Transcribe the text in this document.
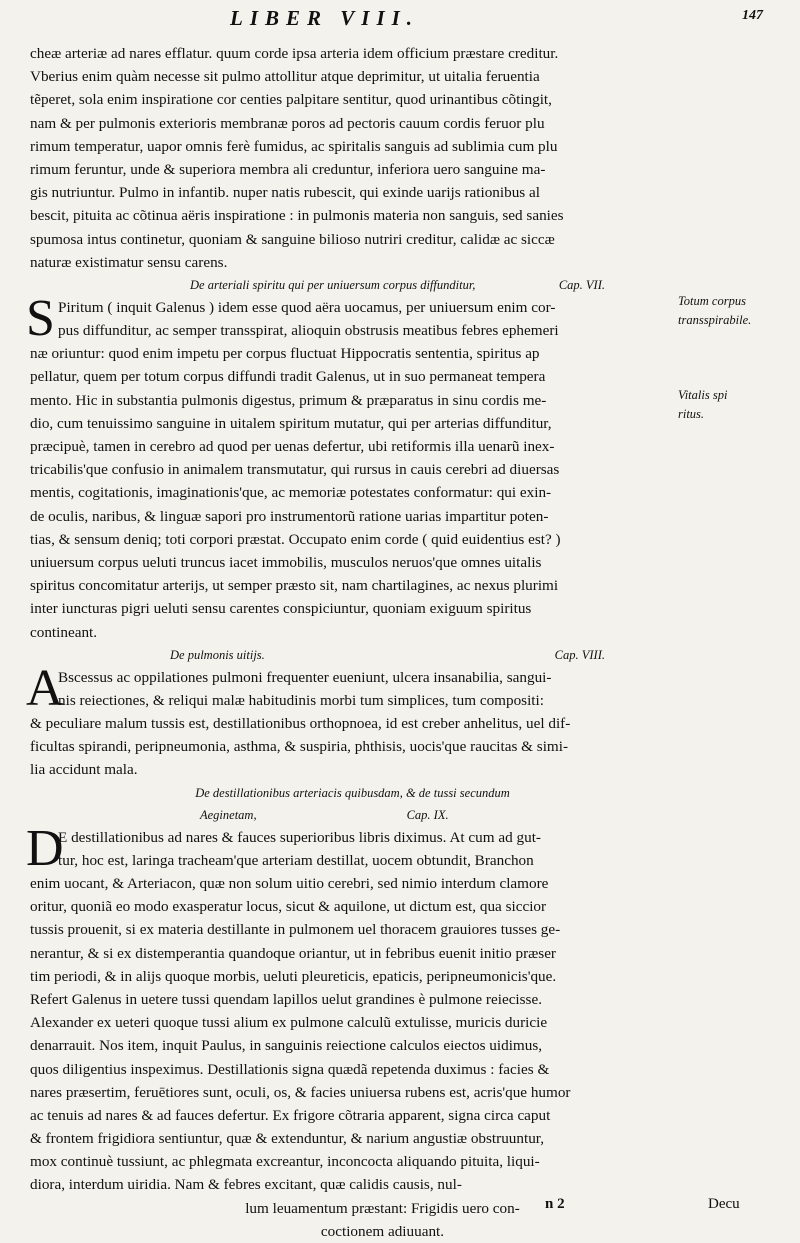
LIBER VIII.	147
cheæ arteriæ ad nares efflatur. quum corde ipsa arteria idem officium præstare creditur.
Vberius enim quàm necesse sit pulmo attollitur atque deprimitur, ut uitalia feruentia
tẽperet, sola enim inspiratione cor centies palpitare sentitur, quod urinantibus cõtingit,
nam & per pulmonis exterioris membranæ poros ad pectoris cauum cordis feruor plu
rimum temperatur, uapor omnis ferè fumidus, ac spiritalis sanguis ad sublimia cum plu
rimum feruntur, unde & superiora membra ali creduntur, inferiora uero sanguine ma-
gis nutriuntur. Pulmo in infantib. nuper natis rubescit, qui exinde uarijs rationibus al
bescit, pituita ac cõtinua aëris inspiratione : in pulmonis materia non sanguis, sed sanies
spumosa intus continetur, quoniam & sanguine bilioso nutriri creditur, calidæ ac siccæ
naturæ existimatur sensu carens.
De arteriali spiritu qui per uniuersum corpus diffunditur,	Cap. VII.
S Piritum ( inquit Galenus ) idem esse quod aëra uocamus, per uniuersum enim cor-
pus diffunditur, ac semper transspirat, alioquin obstrusis meatibus febres ephemeri
næ oriuntur: quod enim impetu per corpus fluctuat Hippocratis sententia, spiritus ap
pellatur, quem per totum corpus diffundi tradit Galenus, ut in suo permaneat tempera
mento. Hic in substantia pulmonis digestus, primum & præparatus in sinu cordis me-
dio, cum tenuissimo sanguine in uitalem spiritum mutatur, qui per arterias diffunditur,
præcipuè, tamen in cerebro ad quod per uenas defertur, ubi retiformis illa uenarũ inex-
tricabilis'que confusio in animalem transmutatur, qui rursus in cauis cerebri ad diuersas
mentis, cogitationis, imaginationis'que, ac memoriæ potestates conformatur: qui exin-
de oculis, naribus, & linguæ sapori pro instrumentorũ ratione uarias impartitur poten-
tias, & sensum deniq; toti corpori præstat. Occupato enim corde ( quid euidentius est? )
uniuersum corpus ueluti truncus iacet immobilis, musculos neruos'que omnes uitalis
spiritus concomitatur arterijs, ut semper præsto sit, nam chartilagines, ac nexus plurimi
inter iuncturas pigri ueluti sensu carentes conspiciuntur, quoniam exiguum spiritus
contineant.
De pulmonis uitijs.	Cap. VIII.
A
Bscessus ac oppilationes pulmoni frequenter eueniunt, ulcera insanabilia, sangui-
nis reiectiones, & reliqui malæ habitudinis morbi tum simplices, tum compositi:
& peculiare malum tussis est, destillationibus orthopnoea, id est creber anhelitus, uel dif-
ficultas spirandi, peripneumonia, asthma, & suspiria, phthisis, uocis'que raucitas & simi-
lia accidunt mala.
De destillationibus arteriacis quibusdam, & de tussi secundum
Aeginetam,	Cap. IX.
D
E destillationibus ad nares & fauces superioribus libris diximus. At cum ad gut-
tur, hoc est, laringa tracheam'que arteriam destillat, uocem obtundit, Branchon
enim uocant, & Arteriacon, quæ non solum uitio cerebri, sed nimio interdum clamore
oritur, quoniã eo modo exasperatur locus, sicut & aquilone, ut dictum est, qua siccior
tussis prouenit, si ex materia destillante in pulmonem uel thoracem grauiores tusses ge-
nerantur, & si ex distemperantia quandoque oriantur, ut in febribus euenit initio præser
tim periodi, & in alijs quoque morbis, ueluti pleureticis, epaticis, peripneumonicis'que.
Refert Galenus in uetere tussi quendam lapillos uelut grandines è pulmone reiecisse.
Alexander ex ueteri quoque tussi alium ex pulmone calculũ extulisse, muricis duricie
denarrauit. Nos item, inquit Paulus, in sanguinis reiectione calculos eiectos uidimus,
quos diligentius inspeximus. Destillationis signa quædã repetenda duximus : facies &
nares præsertim, feruētiores sunt, oculi, os, & facies uniuersa rubens est, acris'que humor
ac tenuis ad nares & ad fauces defertur. Ex frigore cõtraria apparent, signa circa caput
& frontem frigidiora sentiuntur, quæ & extenduntur, & narium angustiæ obstruuntur,
mox continuè tussiunt, ac phlegmata excreantur, inconcocta aliquando pituita, liqui-
diora, interdum uiridia. Nam & febres excitant, quæ calidis causis, nul-
lum leuamentum præstant: Frigidis uero con-
coctionem adiuuant.
Totum corpus
transspirabile.
Vitalis spi
ritus.
n 2	Decu
